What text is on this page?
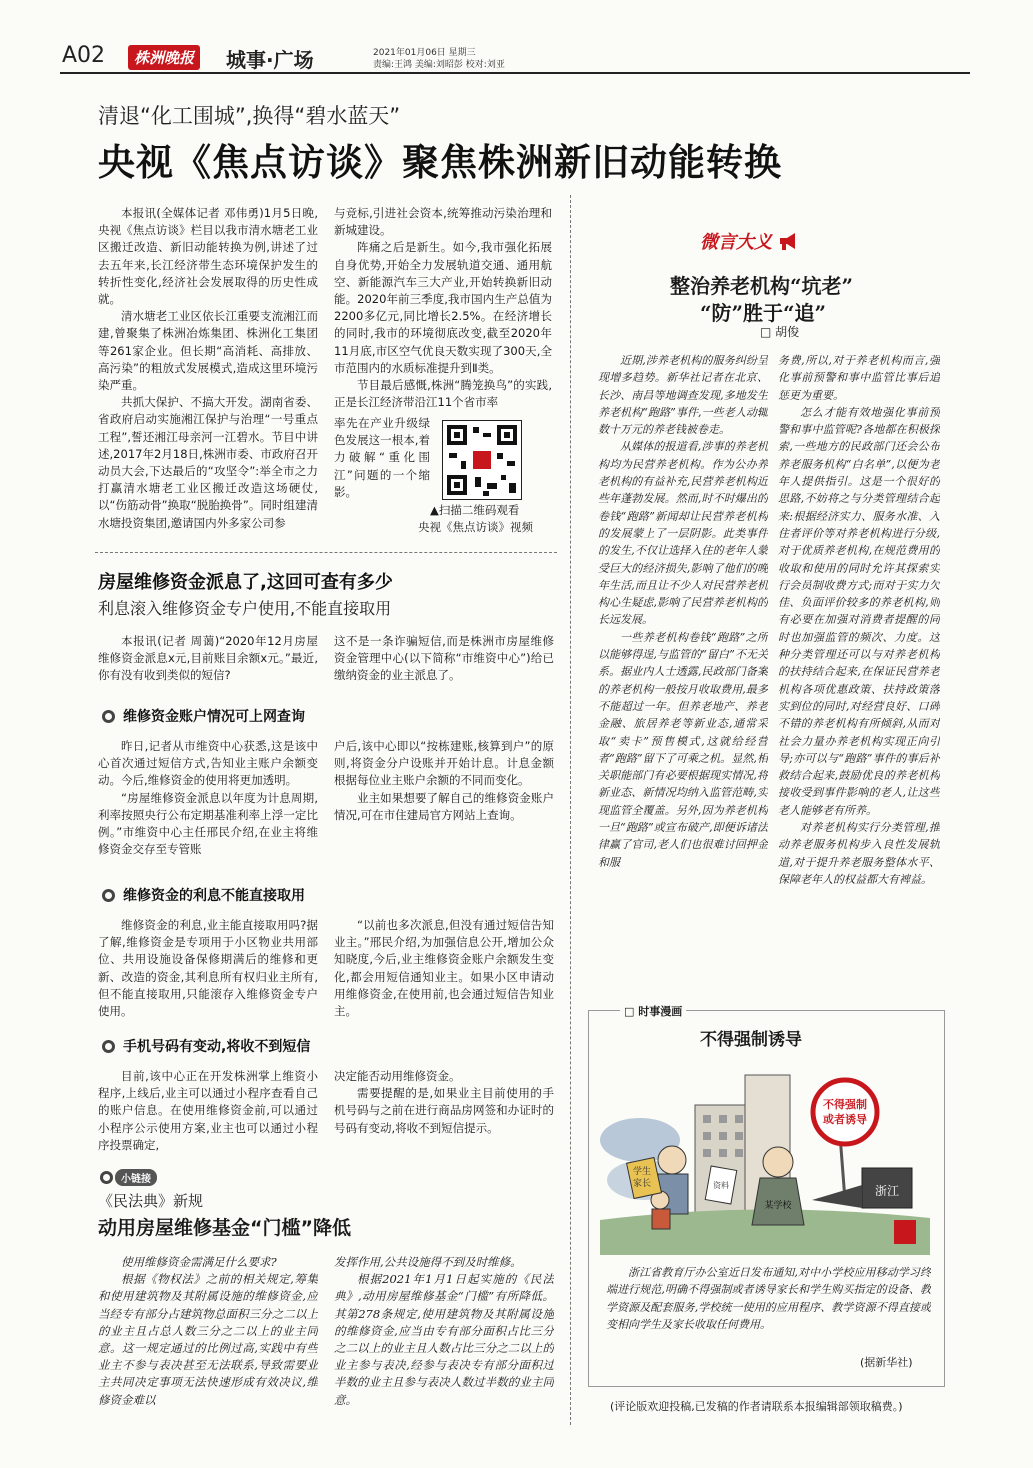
A02	株洲晚报	城事·广场	2021年01月06日 星期三
责编:王鸿 美编:刘昭彭 校对:刘亚
清退“化工围城”,换得“碧水蓝天”
央视《焦点访谈》聚焦株洲新旧动能转换

本报讯(全媒体记者 邓伟勇)1月5日晚,央视《焦点访谈》栏目以我市清水塘老工业区搬迁改造、新旧动能转换为例,讲述了过去五年来,长江经济带生态环境保护发生的转折性变化,经济社会发展取得的历史性成就。

清水塘老工业区依长江重要支流湘江而建,曾聚集了株洲冶炼集团、株洲化工集团等261家企业。但长期“高消耗、高排放、高污染”的粗放式发展模式,造成这里环境污染严重。

共抓大保护、不搞大开发。湖南省委、省政府启动实施湘江保护与治理“一号重点工程”,誓还湘江母亲河一江碧水。节目中讲述,2017年2月18日,株洲市委、市政府召开动员大会,下达最后的“攻坚令”:举全市之力打赢清水塘老工业区搬迁改造这场硬仗,以“伤筋动骨”换取“脱胎换骨”。同时组建清水塘投资集团,邀请国内外多家公司参

与竞标,引进社会资本,统筹推动污染治理和新城建设。

阵痛之后是新生。如今,我市强化拓展自身优势,开始全力发展轨道交通、通用航空、新能源汽车三大产业,开始转换新旧动能。2020年前三季度,我市国内生产总值为2200多亿元,同比增长2.5%。在经济增长的同时,我市的环境彻底改变,截至2020年11月底,市区空气优良天数实现了300天,全市范围内的水质标准提升到Ⅱ类。

节目最后感慨,株洲“腾笼换鸟”的实践,正是长江经济带沿江11个省市率

率先在产业升级绿色发展这一根本,着力破解“重化围江”问题的一个缩影。

▲扫描二维码观看
央视《焦点访谈》视频
房屋维修资金派息了,这回可查有多少
利息滚入维修资金专户使用,不能直接取用

本报讯(记者 周蔼)“2020年12月房屋维修资金派息x元,目前账目余额x元。”最近,你有没有收到类似的短信?

这不是一条诈骗短信,而是株洲市房屋维修资金管理中心(以下简称“市维资中心”)给已缴纳资金的业主派息了。

维修资金账户情况可上网查询

昨日,记者从市维资中心获悉,这是该中心首次通过短信方式,告知业主账户余额变动。今后,维修资金的使用将更加透明。

“房屋维修资金派息以年度为计息周期,利率按照央行公布定期基准利率上浮一定比例。”市维资中心主任邢民介绍,在业主将维修资金交存至专管账

户后,该中心即以“按栋建账,核算到户”的原则,将资金分户设账并开始计息。计息金额根据每位业主账户余额的不同而变化。

业主如果想要了解自己的维修资金账户情况,可在市住建局官方网站上查询。

维修资金的利息不能直接取用

维修资金的利息,业主能直接取用吗?据了解,维修资金是专项用于小区物业共用部位、共用设施设备保修期满后的维修和更新、改造的资金,其利息所有权归业主所有,但不能直接取用,只能滚存入维修资金专户使用。

“以前也多次派息,但没有通过短信告知业主。”邢民介绍,为加强信息公开,增加公众知晓度,今后,业主维修资金账户余额发生变化,都会用短信通知业主。如果小区申请动用维修资金,在使用前,也会通过短信告知业主。

手机号码有变动,将收不到短信

目前,该中心正在开发株洲掌上维资小程序,上线后,业主可以通过小程序查看自己的账户信息。在使用维修资金前,可以通过小程序公示使用方案,业主也可以通过小程序投票确定,

决定能否动用维修资金。

需要提醒的是,如果业主目前使用的手机号码与之前在进行商品房网签和办证时的号码有变动,将收不到短信提示。

小链接
《民法典》新规
动用房屋维修基金“门槛”降低

使用维修资金需满足什么要求?

根据《物权法》之前的相关规定,筹集和使用建筑物及其附属设施的维修资金,应当经专有部分占建筑物总面积三分之二以上的业主且占总人数三分之二以上的业主同意。这一规定通过的比例过高,实践中有些业主不参与表决甚至无法联系,导致需要业主共同决定事项无法快速形成有效决议,维修资金难以

发挥作用,公共设施得不到及时维修。

根据2021年1月1日起实施的《民法典》,动用房屋维修基金“门槛”有所降低。其第278条规定,使用建筑物及其附属设施的维修资金,应当由专有部分面积占比三分之二以上的业主且人数占比三分之二以上的业主参与表决,经参与表决专有部分面积过半数的业主且参与表决人数过半数的业主同意。

微言大义
整治养老机构“坑老”
“防”胜于“追”
□ 胡俊

近期,涉养老机构的服务纠纷呈现增多趋势。新华社记者在北京、长沙、南昌等地调查发现,多地发生养老机构“跑路”事件,一些老人动辄数十万元的养老钱被卷走。

从媒体的报道看,涉事的养老机构均为民营养老机构。作为公办养老机构的有益补充,民营养老机构近些年蓬勃发展。然而,时不时爆出的卷钱“跑路”新闻却让民营养老机构的发展蒙上了一层阴影。此类事件的发生,不仅让选择入住的老年人蒙受巨大的经济损失,影响了他们的晚年生活,而且让不少人对民营养老机构心生疑虑,影响了民营养老机构的长远发展。

一些养老机构卷钱“跑路”之所以能够得逞,与监管的“留白”不无关系。据业内人士透露,民政部门备案的养老机构一般按月收取费用,最多不能超过一年。但养老地产、养老金融、旅居养老等新业态,通常采取“卖卡”预售模式,这就给经营者“跑路”留下了可乘之机。显然,相关职能部门有必要根据现实情况,将新业态、新情况均纳入监管范畴,实现监管全覆盖。另外,因为养老机构一旦“跑路”或宣布破产,即便诉诸法律赢了官司,老人们也很难讨回押金和服

务费,所以,对于养老机构而言,强化事前预警和事中监管比事后追惩更为重要。

怎么才能有效地强化事前预警和事中监管呢?各地都在积极探索,一些地方的民政部门还会公布养老服务机构“白名单”,以便为老年人提供指引。这是一个很好的思路,不妨将之与分类管理结合起来:根据经济实力、服务水准、入住者评价等对养老机构进行分级,对于优质养老机构,在规范费用的收取和使用的同时允许其探索实行会员制收费方式;而对于实力欠佳、负面评价较多的养老机构,则有必要在加强对消费者提醒的同时也加强监管的频次、力度。这种分类管理还可以与对养老机构的扶持结合起来,在保证民营养老机构各项优惠政策、扶持政策落实到位的同时,对经营良好、口碑不错的养老机构有所倾斜,从而对社会力量办养老机构实现正向引导;亦可以与“跑路”事件的事后补救结合起来,鼓励优良的养老机构接收受到事件影响的老人,让这些老人能够老有所养。

对养老机构实行分类管理,推动养老服务机构步入良性发展轨道,对于提升养老服务整体水平、保障老年人的权益都大有裨益。

□ 时事漫画
不得强制诱导
不得强制
或者诱导
学生
家长	资料
某学校
浙江

浙江省教育厅办公室近日发布通知,对中小学校应用移动学习终端进行规范,明确不得强制或者诱导家长和学生购买指定的设备、教学资源及配套服务,学校统一使用的应用程序、教学资源不得直接或变相向学生及家长收取任何费用。

(据新华社)
(评论版欢迎投稿,已发稿的作者请联系本报编辑部领取稿费。)
